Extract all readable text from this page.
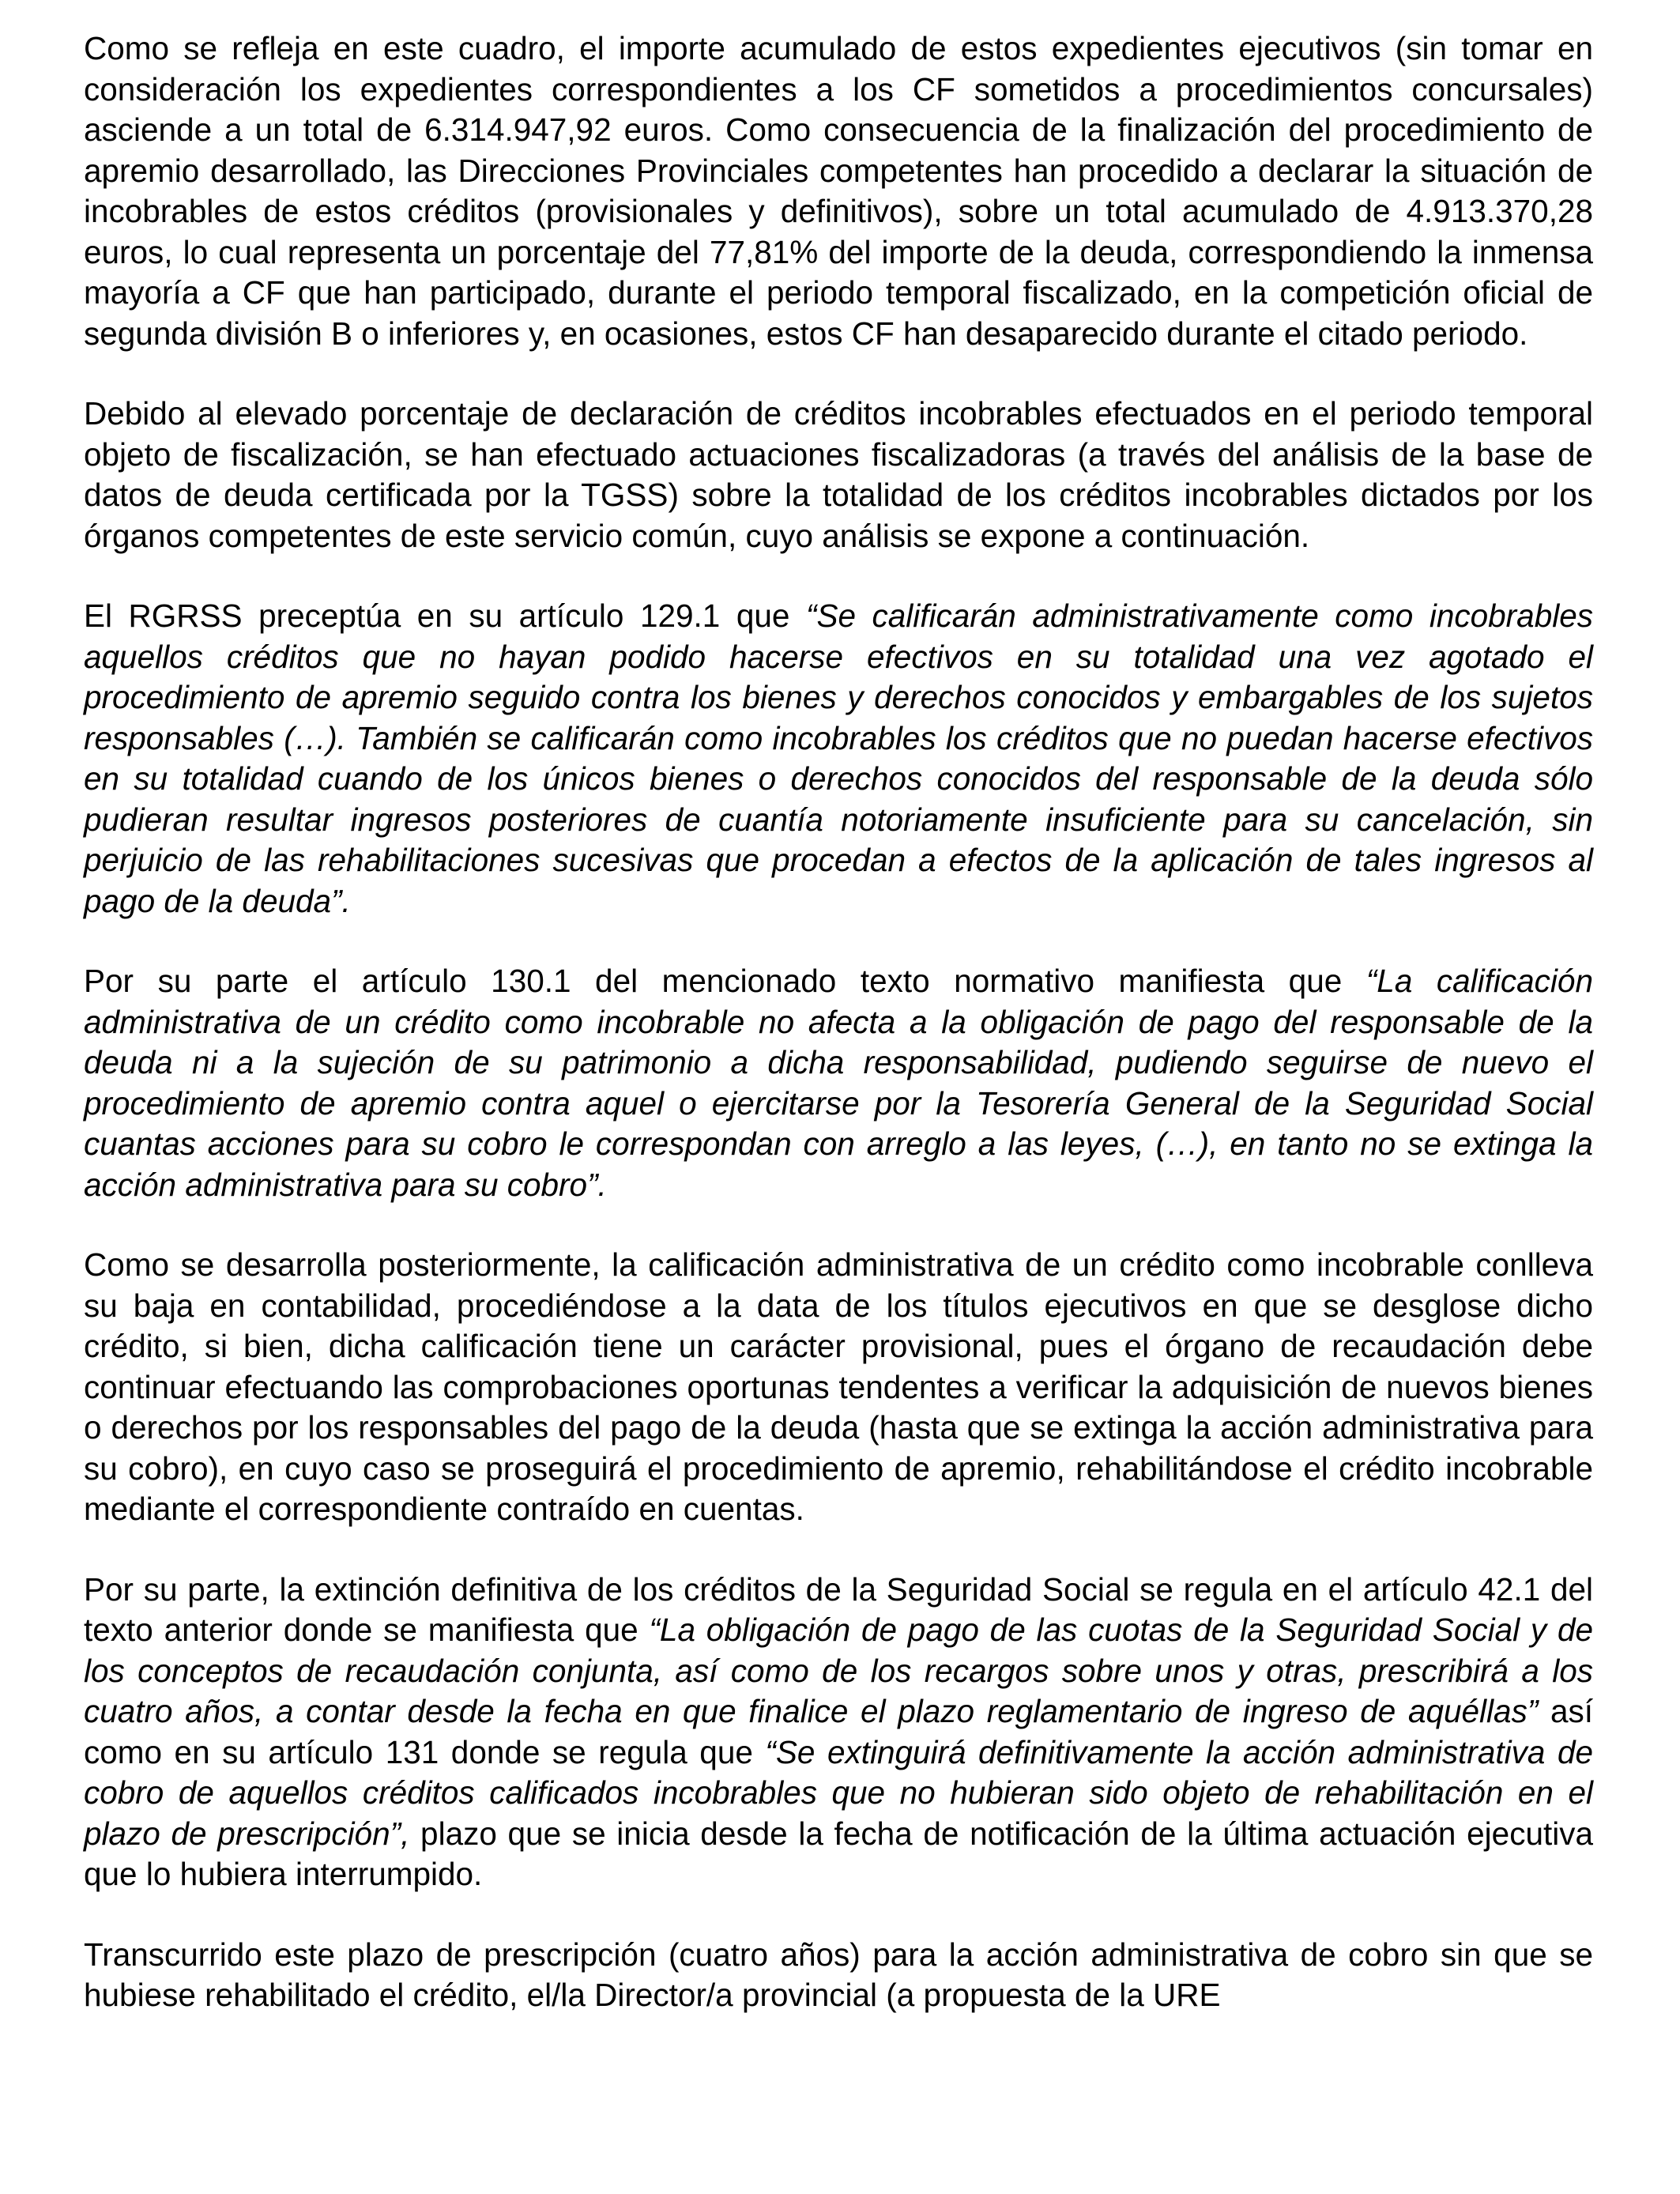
Como se refleja en este cuadro, el importe acumulado de estos expedientes ejecutivos (sin tomar en consideración los expedientes correspondientes a los CF sometidos a procedimientos concursales) asciende a un total de 6.314.947,92 euros. Como consecuencia de la finalización del procedimiento de apremio desarrollado, las Direcciones Provinciales competentes han procedido a declarar la situación de incobrables de estos créditos (provisionales y definitivos), sobre un total acumulado de 4.913.370,28 euros, lo cual representa un porcentaje del 77,81% del importe de la deuda, correspondiendo la inmensa mayoría a CF que han participado, durante el periodo temporal fiscalizado, en la competición oficial de segunda división B o inferiores y, en ocasiones, estos CF han desaparecido durante el citado periodo.

Debido al elevado porcentaje de declaración de créditos incobrables efectuados en el periodo temporal objeto de fiscalización, se han efectuado actuaciones fiscalizadoras (a través del análisis de la base de datos de deuda certificada por la TGSS) sobre la totalidad de los créditos incobrables dictados por los órganos competentes de este servicio común, cuyo análisis se expone a continuación.

El RGRSS preceptúa en su artículo 129.1 que “Se calificarán administrativamente como incobrables aquellos créditos que no hayan podido hacerse efectivos en su totalidad una vez agotado el procedimiento de apremio seguido contra los bienes y derechos conocidos y embargables de los sujetos responsables (…). También se calificarán como incobrables los créditos que no puedan hacerse efectivos en su totalidad cuando de los únicos bienes o derechos conocidos del responsable de la deuda sólo pudieran resultar ingresos posteriores de cuantía notoriamente insuficiente para su cancelación, sin perjuicio de las rehabilitaciones sucesivas que procedan a efectos de la aplicación de tales ingresos al pago de la deuda”.

Por su parte el artículo 130.1 del mencionado texto normativo manifiesta que “La calificación administrativa de un crédito como incobrable no afecta a la obligación de pago del responsable de la deuda ni a la sujeción de su patrimonio a dicha responsabilidad, pudiendo seguirse de nuevo el procedimiento de apremio contra aquel o ejercitarse por la Tesorería General de la Seguridad Social cuantas acciones para su cobro le correspondan con arreglo a las leyes, (…), en tanto no se extinga la acción administrativa para su cobro”.

Como se desarrolla posteriormente, la calificación administrativa de un crédito como incobrable conlleva su baja en contabilidad, procediéndose a la data de los títulos ejecutivos en que se desglose dicho crédito, si bien, dicha calificación tiene un carácter provisional, pues el órgano de recaudación debe continuar efectuando las comprobaciones oportunas tendentes a verificar la adquisición de nuevos bienes o derechos por los responsables del pago de la deuda (hasta que se extinga la acción administrativa para su cobro), en cuyo caso se proseguirá el procedimiento de apremio, rehabilitándose el crédito incobrable mediante el correspondiente contraído en cuentas.

Por su parte, la extinción definitiva de los créditos de la Seguridad Social se regula en el artículo 42.1 del texto anterior donde se manifiesta que “La obligación de pago de las cuotas de la Seguridad Social y de los conceptos de recaudación conjunta, así como de los recargos sobre unos y otras, prescribirá a los cuatro años, a contar desde la fecha en que finalice el plazo reglamentario de ingreso de aquéllas” así como en su artículo 131 donde se regula que “Se extinguirá definitivamente la acción administrativa de cobro de aquellos créditos calificados incobrables que no hubieran sido objeto de rehabilitación en el plazo de prescripción”, plazo que se inicia desde la fecha de notificación de la última actuación ejecutiva que lo hubiera interrumpido.

Transcurrido este plazo de prescripción (cuatro años) para la acción administrativa de cobro sin que se hubiese rehabilitado el crédito, el/la Director/a provincial (a propuesta de la URE
